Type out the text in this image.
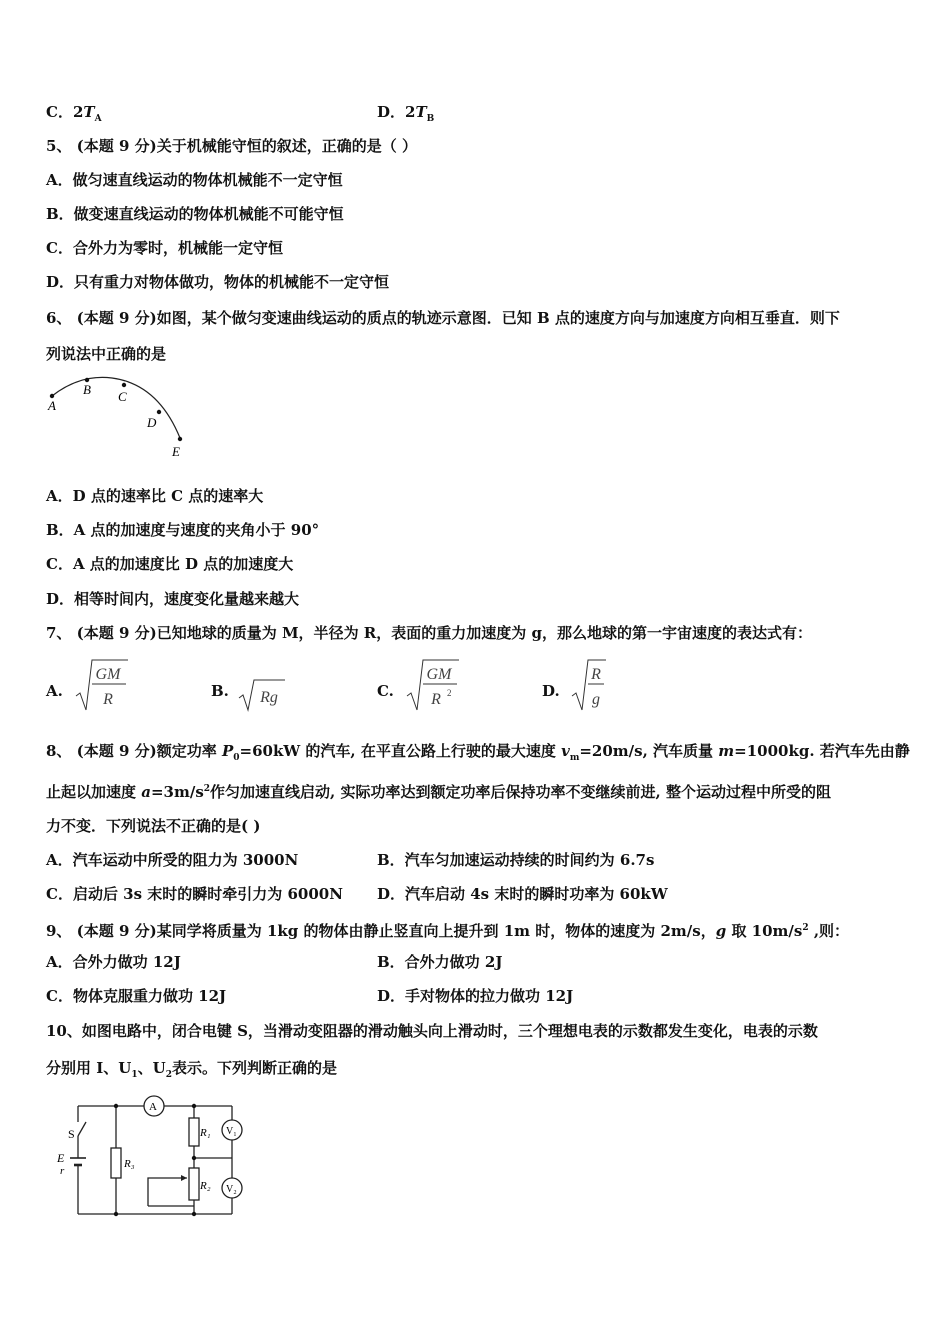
C．$2T_A$	D．$2T_B$
5、 (本题 9 分)关于机械能守恒的叙述，正确的是（ ）
A．做匀速直线运动的物体机械能不一定守恒
B．做变速直线运动的物体机械能不可能守恒
C．合外力为零时，机械能一定守恒
D．只有重力对物体做功，物体的机械能不一定守恒
6、 (本题 9 分)如图，某个做匀变速曲线运动的质点的轨迹示意图．已知 B 点的速度方向与加速度方向相互垂直．则下
列说法中正确的是
A
B C
D
E
A．D 点的速率比 C 点的速率大
B．A 点的加速度与速度的夹角小于 90°
C．A 点的加速度比 D 点的加速度大
D．相等时间内，速度变化量越来越大
7、 (本题 9 分)已知地球的质量为 M，半径为 R，表面的重力加速度为 g，那么地球的第一宇宙速度的表达式有：
A.
GM
R	B. Rg	C.
GM
R 2	D.
R
g
8、 (本题 9 分)额定功率 $P_0=60kW$ 的汽车, 在平直公路上行驶的最大速度 $v_m=20m/s$, 汽车质量 m=1000kg. 若汽车先由静
止起以加速度 $a=3m/s^2$作匀加速直线启动, 实际功率达到额定功率后保持功率不变继续前进, 整个运动过程中所受的阻
力不变．下列说法不正确的是( )
A．汽车运动中所受的阻力为 3000N	B．汽车匀加速运动持续的时间约为 6.7s
C．启动后 3s 末时的瞬时牵引力为 6000N D．汽车启动 4s 末时的瞬时功率为 60kW
9、 (本题 9 分)某同学将质量为 1kg 的物体由静止竖直向上提升到 1m 时，物体的速度为 2m/s，g 取 $10m/s^2$ ,则：
A．合外力做功 12J	B．合外力做功 2J
C．物体克服重力做功 12J	D．手对物体的拉力做功 12J
10、如图电路中，闭合电键 S，当滑动变阻器的滑动触头向上滑动时，三个理想电表的示数都发生变化，电表的示数
分别用 I、$U_1$、$U_2$表示。下列判断正确的是
A
V₁
V₂
S
E
r
R₃
R₁
R₂
